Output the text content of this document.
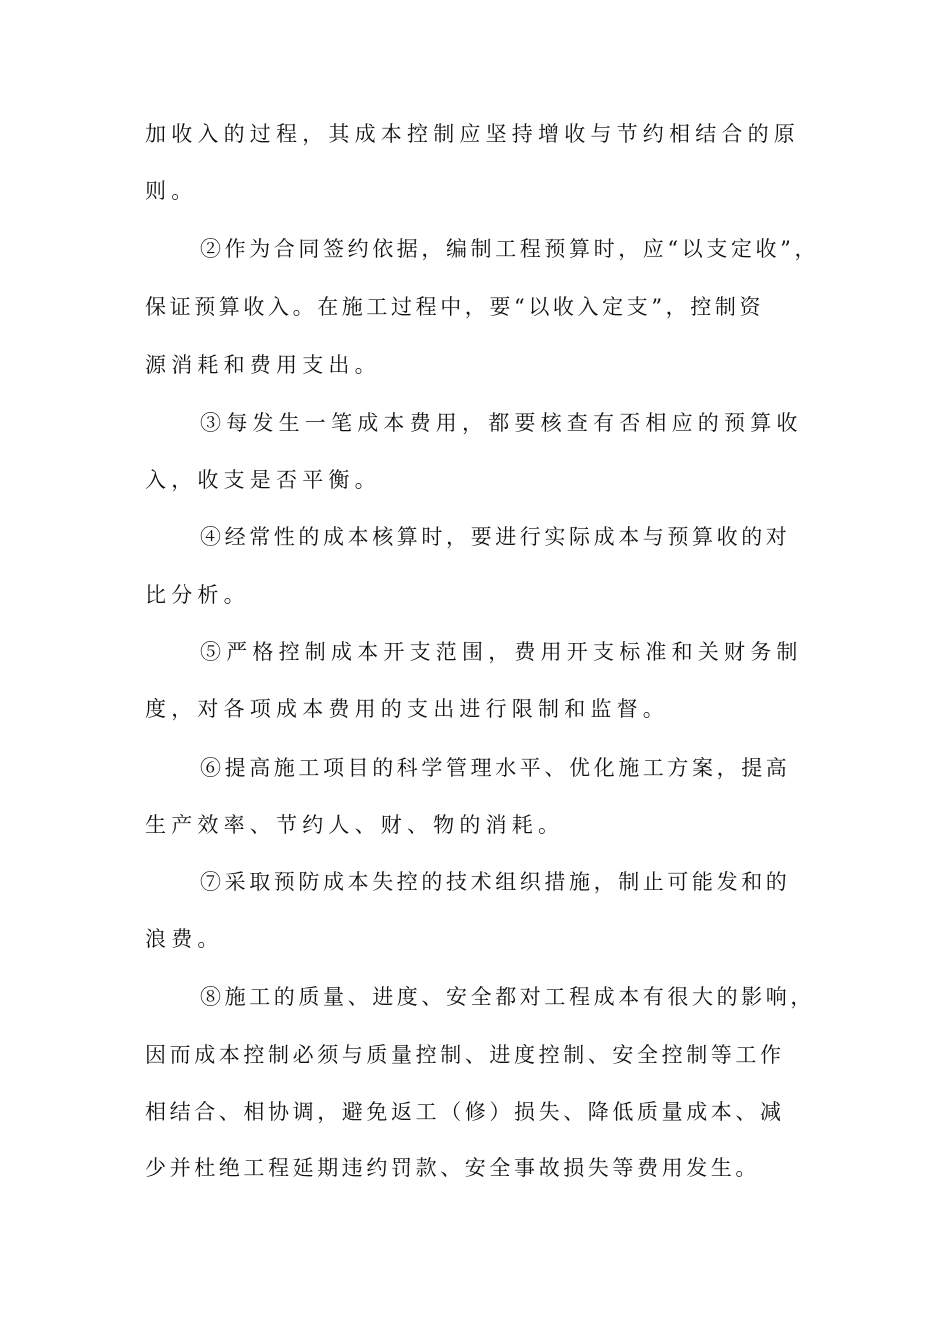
加收入的过程，其成本控制应坚持增收与节约相结合的原
则。
②作为合同签约依据，编制工程预算时，应“以支定收”，
保证预算收入。在施工过程中，要“以收入定支”，控制资
源消耗和费用支出。
③每发生一笔成本费用，都要核查有否相应的预算收
入，收支是否平衡。
④经常性的成本核算时，要进行实际成本与预算收的对
比分析。
⑤严格控制成本开支范围，费用开支标准和关财务制
度，对各项成本费用的支出进行限制和监督。
⑥提高施工项目的科学管理水平、优化施工方案，提高
生产效率、节约人、财、物的消耗。
⑦采取预防成本失控的技术组织措施，制止可能发和的
浪费。
⑧施工的质量、进度、安全都对工程成本有很大的影响，
因而成本控制必须与质量控制、进度控制、安全控制等工作
相结合、相协调，避免返工（修）损失、降低质量成本、减
少并杜绝工程延期违约罚款、安全事故损失等费用发生。
